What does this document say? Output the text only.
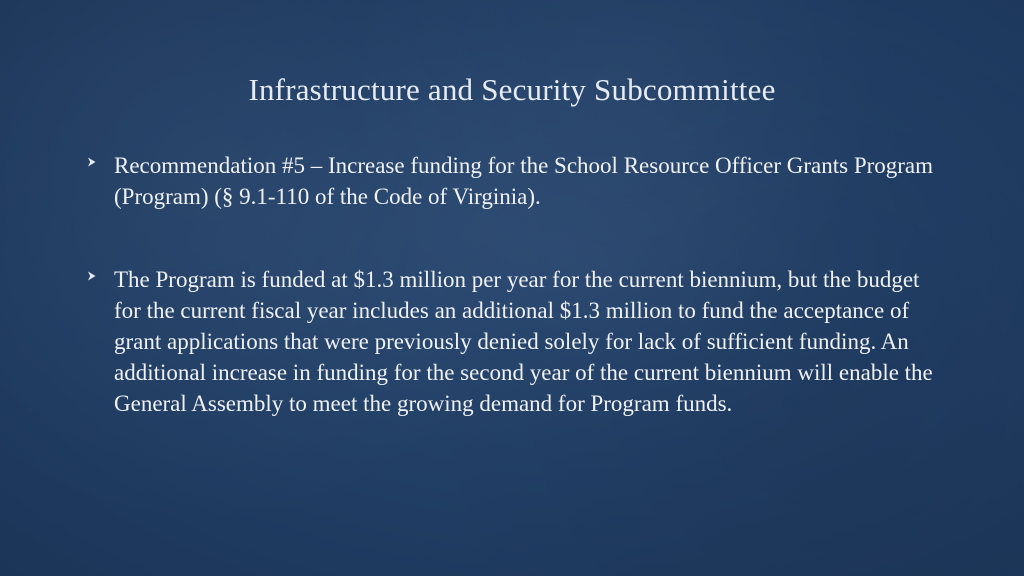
Infrastructure and Security Subcommittee
Recommendation #5 – Increase funding for the School Resource Officer Grants Program (Program) (§ 9.1-110 of the Code of Virginia).
The Program is funded at $1.3 million per year for the current biennium, but the budget for the current fiscal year includes an additional $1.3 million to fund the acceptance of grant applications that were previously denied solely for lack of sufficient funding. An additional increase in funding for the second year of the current biennium will enable the General Assembly to meet the growing demand for Program funds.
